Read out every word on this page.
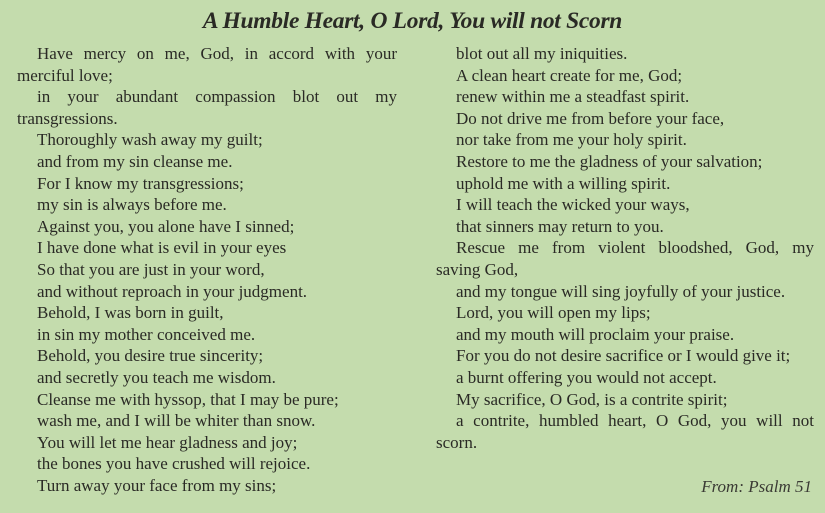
A Humble Heart, O Lord, You will not Scorn
Have mercy on me, God, in accord with your
merciful love;
in your abundant compassion blot out my
transgressions.
Thoroughly wash away my guilt;
and from my sin cleanse me.
For I know my transgressions;
my sin is always before me.
Against you, you alone have I sinned;
I have done what is evil in your eyes
So that you are just in your word,
and without reproach in your judgment.
Behold, I was born in guilt,
in sin my mother conceived me.
Behold, you desire true sincerity;
and secretly you teach me wisdom.
Cleanse me with hyssop, that I may be pure;
wash me, and I will be whiter than snow.
You will let me hear gladness and joy;
the bones you have crushed will rejoice.
Turn away your face from my sins;
blot out all my iniquities.
A clean heart create for me, God;
renew within me a steadfast spirit.
Do not drive me from before your face,
nor take from me your holy spirit.
Restore to me the gladness of your salvation;
uphold me with a willing spirit.
I will teach the wicked your ways,
that sinners may return to you.
Rescue me from violent bloodshed, God, my
saving God,
and my tongue will sing joyfully of your justice.
Lord, you will open my lips;
and my mouth will proclaim your praise.
For you do not desire sacrifice or I would give it;
a burnt offering you would not accept.
My sacrifice, O God, is a contrite spirit;
a contrite, humbled heart, O God, you will not
scorn.
From: Psalm 51
